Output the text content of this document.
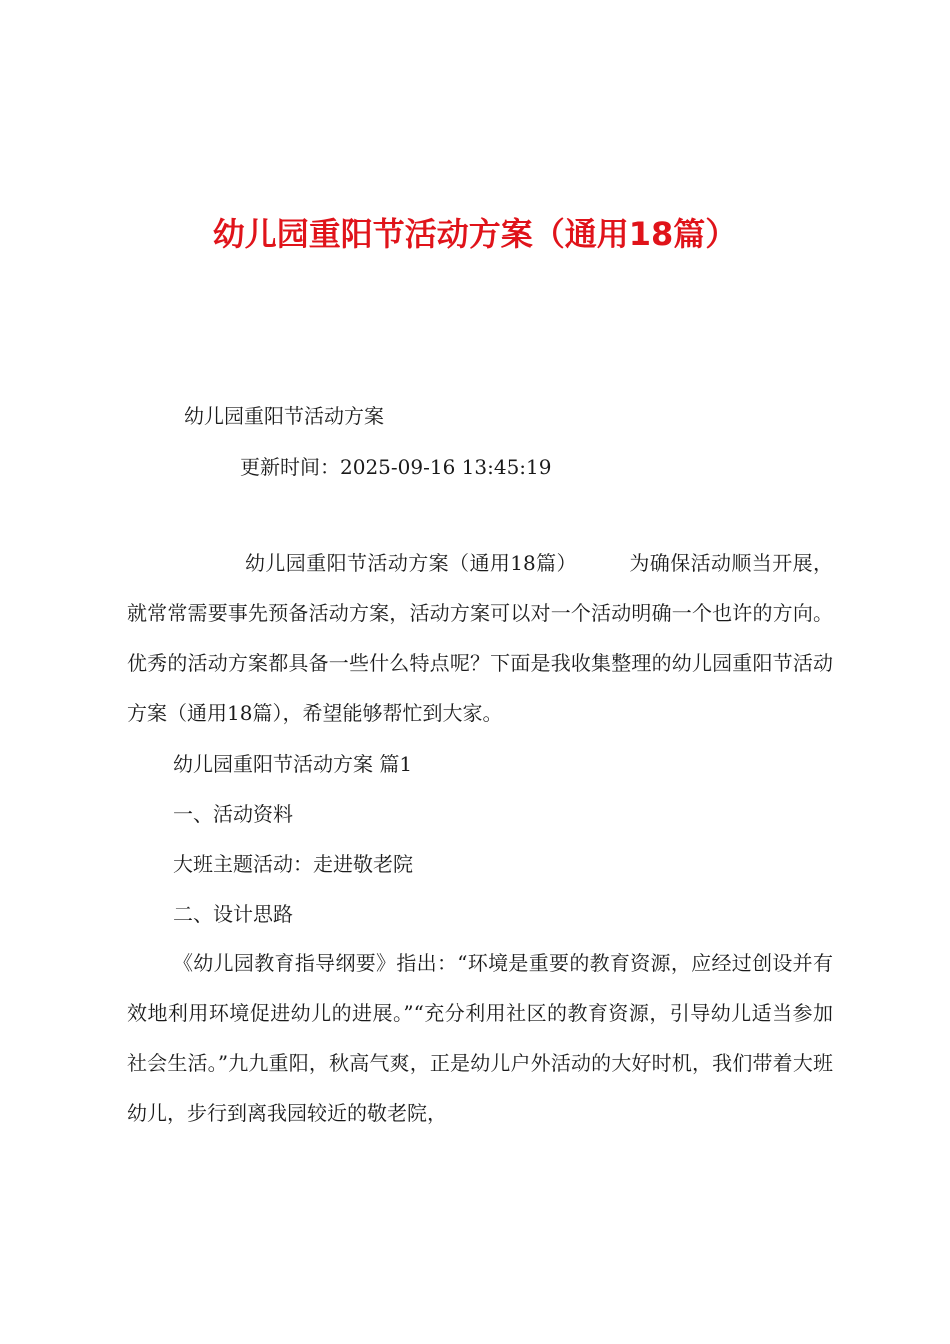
幼儿园重阳节活动方案（通用18篇）

幼儿园重阳节活动方案

更新时间：2025-09-16 13:45:19

幼儿园重阳节活动方案（通用18篇）	为确保活动顺当开展，就常常需要事先预备活动方案，活动方案可以对一个活动明确一个也许的方向。优秀的活动方案都具备一些什么特点呢？下面是我收集整理的幼儿园重阳节活动方案（通用18篇），希望能够帮忙到大家。

幼儿园重阳节活动方案 篇1

一、活动资料

大班主题活动：走进敬老院

二、设计思路

《幼儿园教育指导纲要》指出：“环境是重要的教育资源，应经过创设并有效地利用环境促进幼儿的进展。”“充分利用社区的教育资源，引导幼儿适当参加社会生活。”九九重阳，秋高气爽，正是幼儿户外活动的大好时机，我们带着大班幼儿，步行到离我园较近的敬老院，
